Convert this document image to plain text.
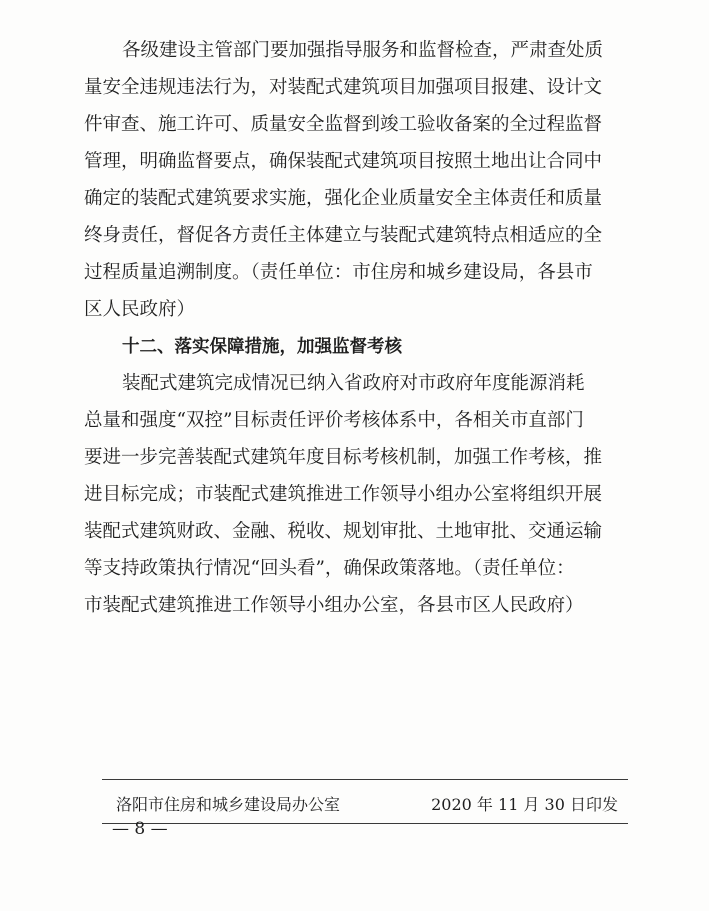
各级建设主管部门要加强指导服务和监督检查，严肃查处质
量安全违规违法行为，对装配式建筑项目加强项目报建、设计文
件审查、施工许可、质量安全监督到竣工验收备案的全过程监督
管理，明确监督要点，确保装配式建筑项目按照土地出让合同中
确定的装配式建筑要求实施，强化企业质量安全主体责任和质量
终身责任，督促各方责任主体建立与装配式建筑特点相适应的全
过程质量追溯制度。（责任单位：市住房和城乡建设局，各县市
区人民政府）
十二、落实保障措施，加强监督考核
装配式建筑完成情况已纳入省政府对市政府年度能源消耗
总量和强度“双控”目标责任评价考核体系中，各相关市直部门
要进一步完善装配式建筑年度目标考核机制，加强工作考核，推
进目标完成；市装配式建筑推进工作领导小组办公室将组织开展
装配式建筑财政、金融、税收、规划审批、土地审批、交通运输
等支持政策执行情况“回头看”，确保政策落地。（责任单位：
市装配式建筑推进工作领导小组办公室，各县市区人民政府）
洛阳市住房和城乡建设局办公室	2020 年 11 月 30 日印发
— 8 —
